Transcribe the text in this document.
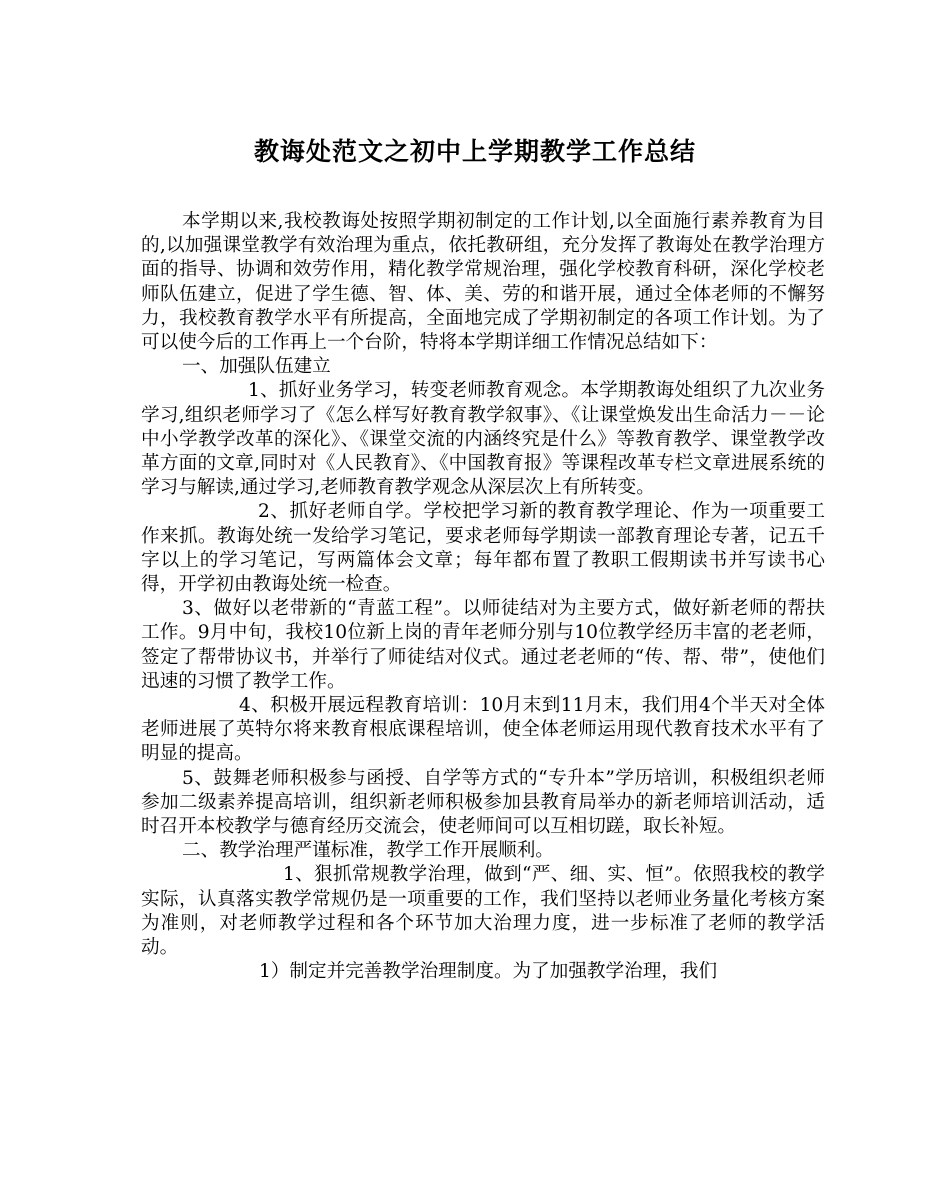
教诲处范文之初中上学期教学工作总结

本学期以来,我校教诲处按照学期初制定的工作计划,以全面施行素养教育为目的,以加强课堂教学有效治理为重点，依托教研组，充分发挥了教诲处在教学治理方面的指导、协调和效劳作用，精化教学常规治理，强化学校教育科研，深化学校老师队伍建立，促进了学生德、智、体、美、劳的和谐开展，通过全体老师的不懈努力，我校教育教学水平有所提高，全面地完成了学期初制定的各项工作计划。为了可以使今后的工作再上一个台阶，特将本学期详细工作情况总结如下：

一、加强队伍建立

1、抓好业务学习，转变老师教育观念。本学期教诲处组织了九次业务学习,组织老师学习了《怎么样写好教育教学叙事》、《让课堂焕发出生命活力－－论中小学教学改革的深化》、《课堂交流的内涵终究是什么》等教育教学、课堂教学改革方面的文章,同时对《人民教育》、《中国教育报》等课程改革专栏文章进展系统的学习与解读,通过学习,老师教育教学观念从深层次上有所转变。

2、抓好老师自学。学校把学习新的教育教学理论、作为一项重要工作来抓。教诲处统一发给学习笔记，要求老师每学期读一部教育理论专著，记五千字以上的学习笔记，写两篇体会文章；每年都布置了教职工假期读书并写读书心得，开学初由教诲处统一检查。

3、做好以老带新的“青蓝工程”。以师徒结对为主要方式，做好新老师的帮扶工作。9月中旬，我校10位新上岗的青年老师分别与10位教学经历丰富的老老师，签定了帮带协议书，并举行了师徒结对仪式。通过老老师的“传、帮、带”，使他们迅速的习惯了教学工作。

4、积极开展远程教育培训：10月末到11月末，我们用4个半天对全体老师进展了英特尔将来教育根底课程培训，使全体老师运用现代教育技术水平有了明显的提高。

5、鼓舞老师积极参与函授、自学等方式的“专升本”学历培训，积极组织老师参加二级素养提高培训，组织新老师积极参加县教育局举办的新老师培训活动，适时召开本校教学与德育经历交流会，使老师间可以互相切蹉，取长补短。

二、教学治理严谨标准，教学工作开展顺利。

1、狠抓常规教学治理，做到“严、细、实、恒”。依照我校的教学实际，认真落实教学常规仍是一项重要的工作，我们坚持以老师业务量化考核方案为准则，对老师教学过程和各个环节加大治理力度，进一步标准了老师的教学活动。

1）制定并完善教学治理制度。为了加强教学治理，我们
